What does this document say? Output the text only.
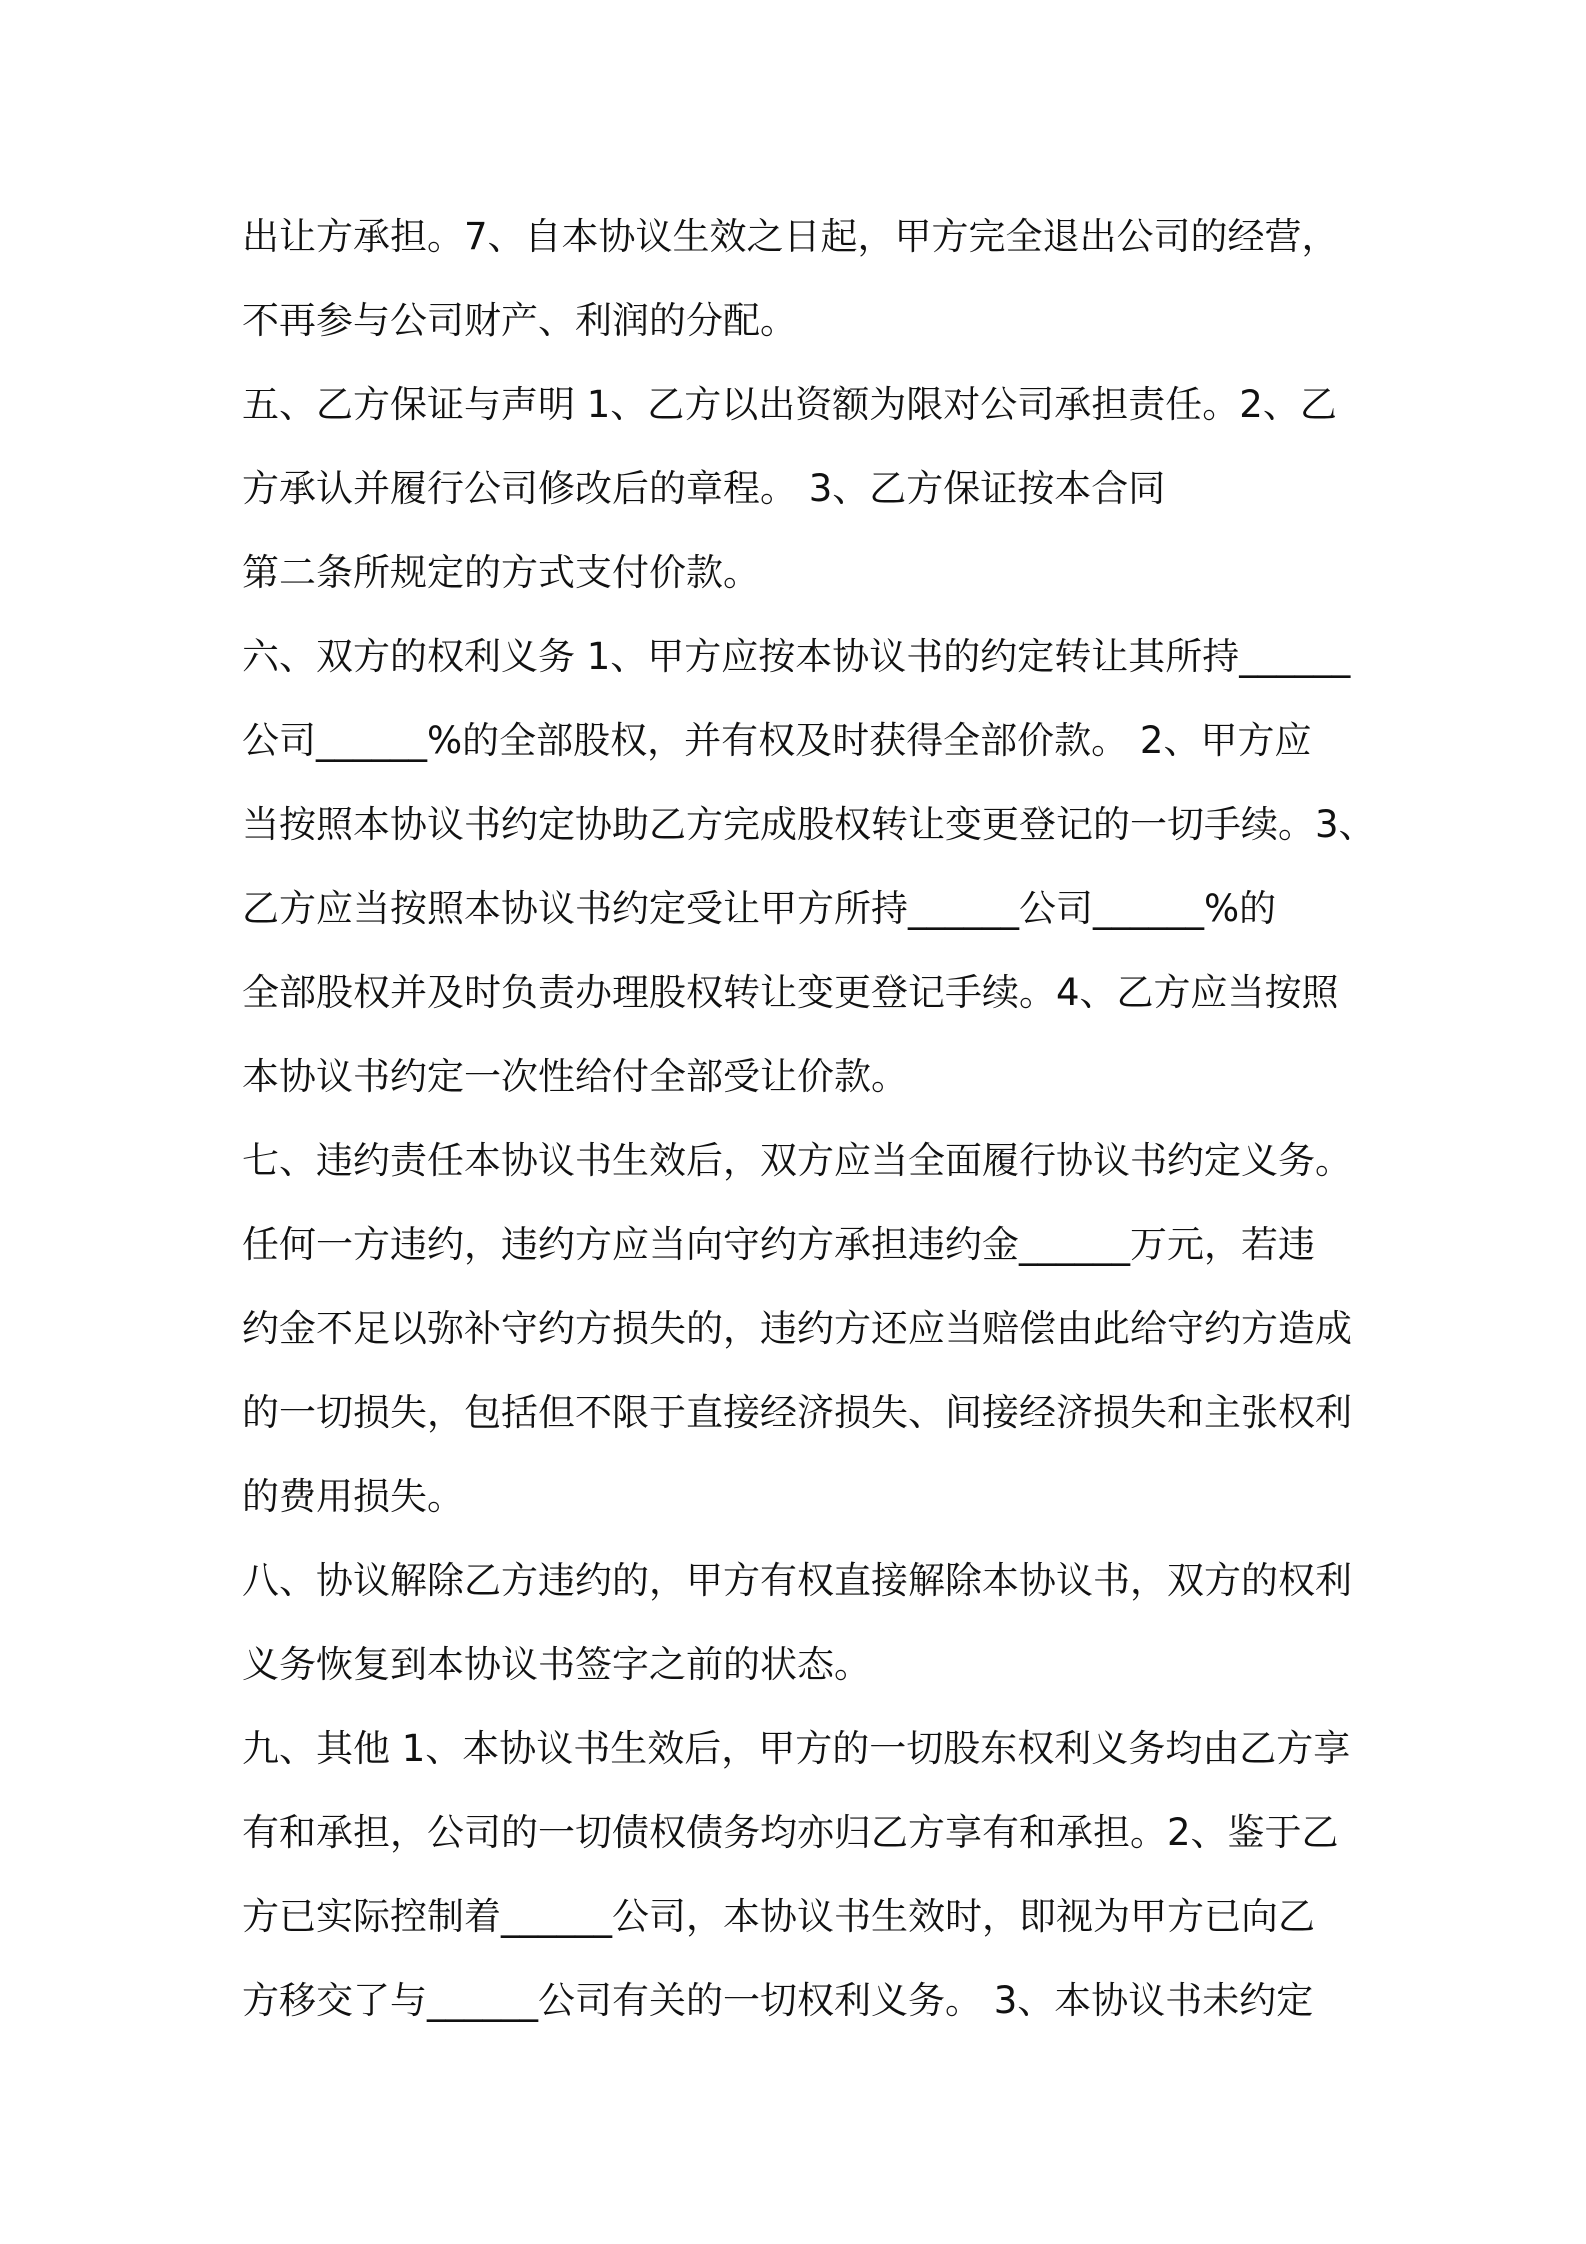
出让方承担。7、自本协议生效之日起，甲方完全退出公司的经营，
不再参与公司财产、利润的分配。
五、乙方保证与声明 1、乙方以出资额为限对公司承担责任。2、乙
方承认并履行公司修改后的章程。 3、乙方保证按本合同
第二条所规定的方式支付价款。
六、双方的权利义务 1、甲方应按本协议书的约定转让其所持______
公司______%的全部股权，并有权及时获得全部价款。 2、甲方应
当按照本协议书约定协助乙方完成股权转让变更登记的一切手续。3、
乙方应当按照本协议书约定受让甲方所持______公司______%的
全部股权并及时负责办理股权转让变更登记手续。4、乙方应当按照
本协议书约定一次性给付全部受让价款。
七、违约责任本协议书生效后，双方应当全面履行协议书约定义务。
任何一方违约，违约方应当向守约方承担违约金______万元，若违
约金不足以弥补守约方损失的，违约方还应当赔偿由此给守约方造成
的一切损失，包括但不限于直接经济损失、间接经济损失和主张权利
的费用损失。
八、协议解除乙方违约的，甲方有权直接解除本协议书，双方的权利
义务恢复到本协议书签字之前的状态。
九、其他 1、本协议书生效后，甲方的一切股东权利义务均由乙方享
有和承担，公司的一切债权债务均亦归乙方享有和承担。2、鉴于乙
方已实际控制着______公司，本协议书生效时，即视为甲方已向乙
方移交了与______公司有关的一切权利义务。 3、本协议书未约定
